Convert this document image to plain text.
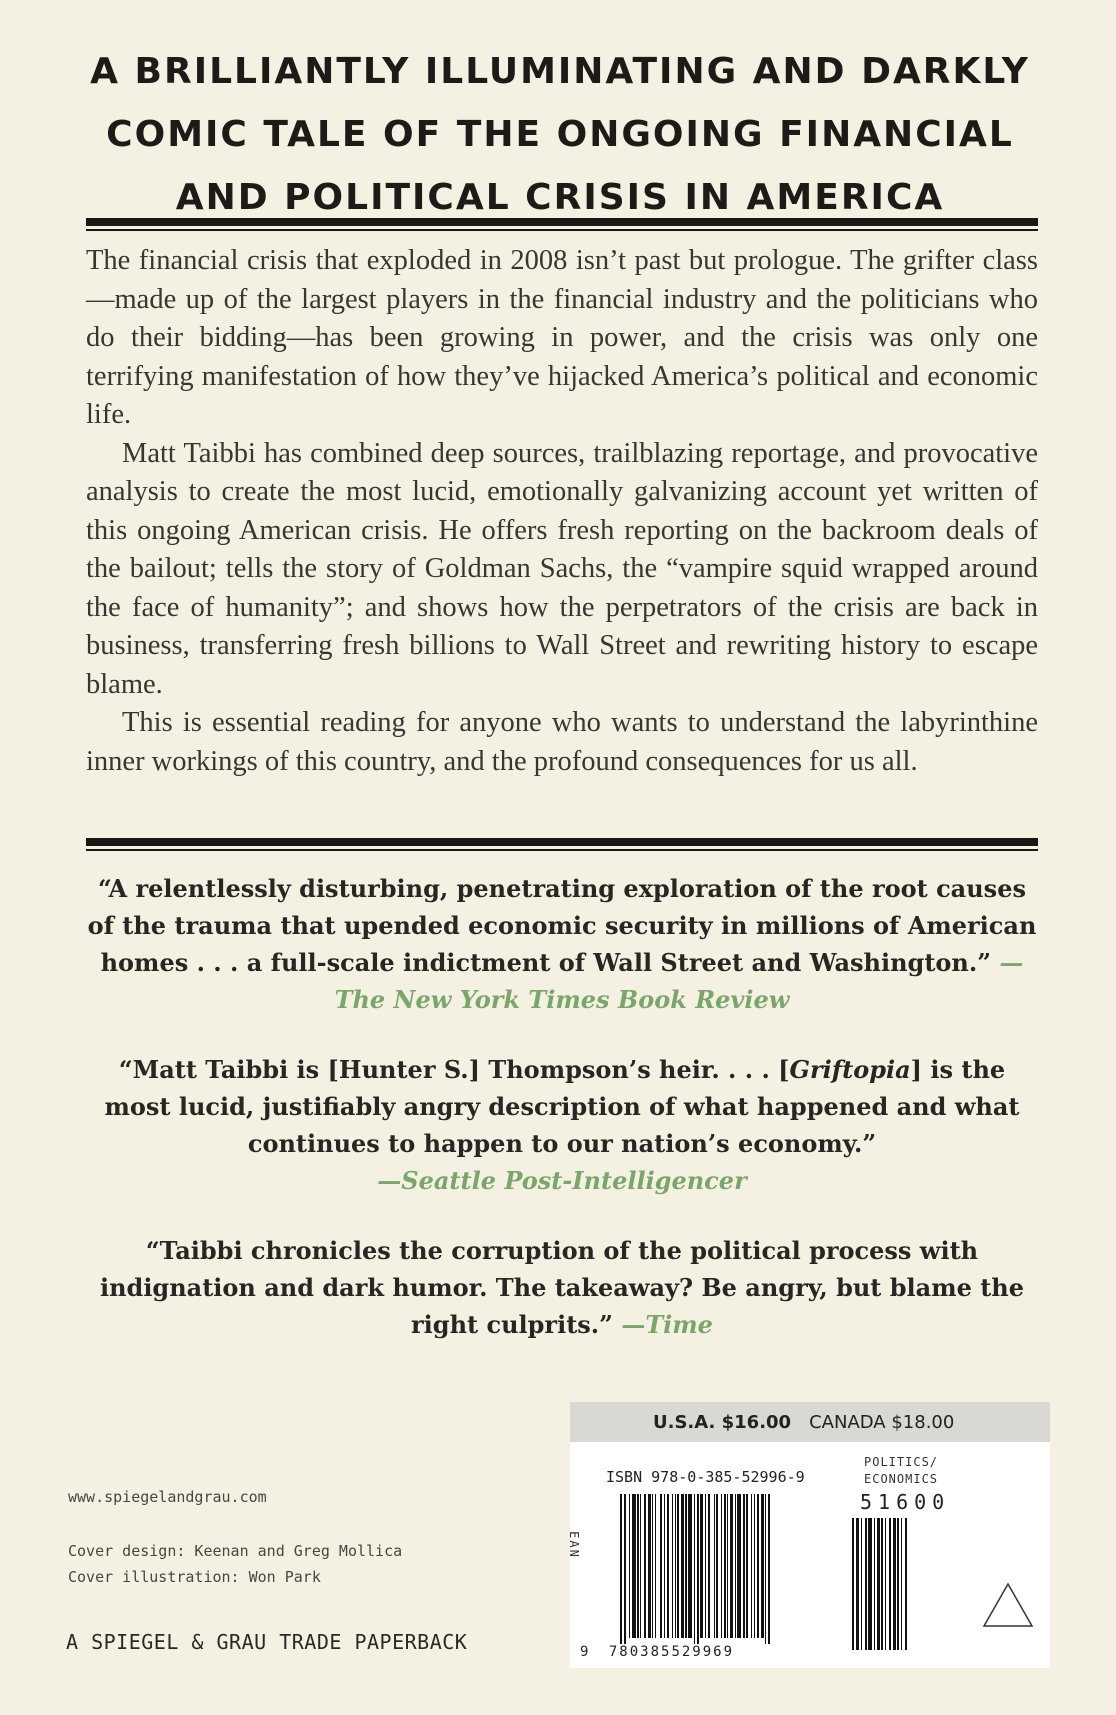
A BRILLIANTLY ILLUMINATING AND DARKLY
COMIC TALE OF THE ONGOING FINANCIAL
AND POLITICAL CRISIS IN AMERICA

The financial crisis that exploded in 2008 isn’t past but prologue. The grifter class—made up of the largest players in the financial industry and the politicians who do their bidding—has been growing in power, and the crisis was only one terrifying manifestation of how they’ve hijacked America’s political and economic life.

Matt Taibbi has combined deep sources, trailblazing reportage, and provocative analysis to create the most lucid, emotionally galvanizing account yet written of this ongoing American crisis. He offers fresh reporting on the backroom deals of the bailout; tells the story of Goldman Sachs, the “vampire squid wrapped around the face of humanity”; and shows how the perpetrators of the crisis are back in business, transferring fresh billions to Wall Street and rewriting history to escape blame.

This is essential reading for anyone who wants to understand the labyrinthine inner workings of this country, and the profound consequences for us all.

“A relentlessly disturbing, penetrating exploration of the root causes of the trauma that upended economic security in millions of American homes . . . a full-scale indictment of Wall Street and Washington.” —The New York Times Book Review
“Matt Taibbi is [Hunter S.] Thompson’s heir. . . . [Griftopia] is the most lucid, justifiably angry description of what happened and what continues to happen to our nation’s economy.”
—Seattle Post-Intelligencer
“Taibbi chronicles the corruption of the political process with indignation and dark humor. The takeaway? Be angry, but blame the right culprits.” —Time
www.spiegelandgrau.com
Cover design: Keenan and Greg Mollica
Cover illustration: Won Park
A SPIEGEL & GRAU TRADE PAPERBACK
U.S.A. $16.00 CANADA $18.00
POLITICS/
ECONOMICS
ISBN 978-0-385-52996-9
EAN
51600
9 780385529969
